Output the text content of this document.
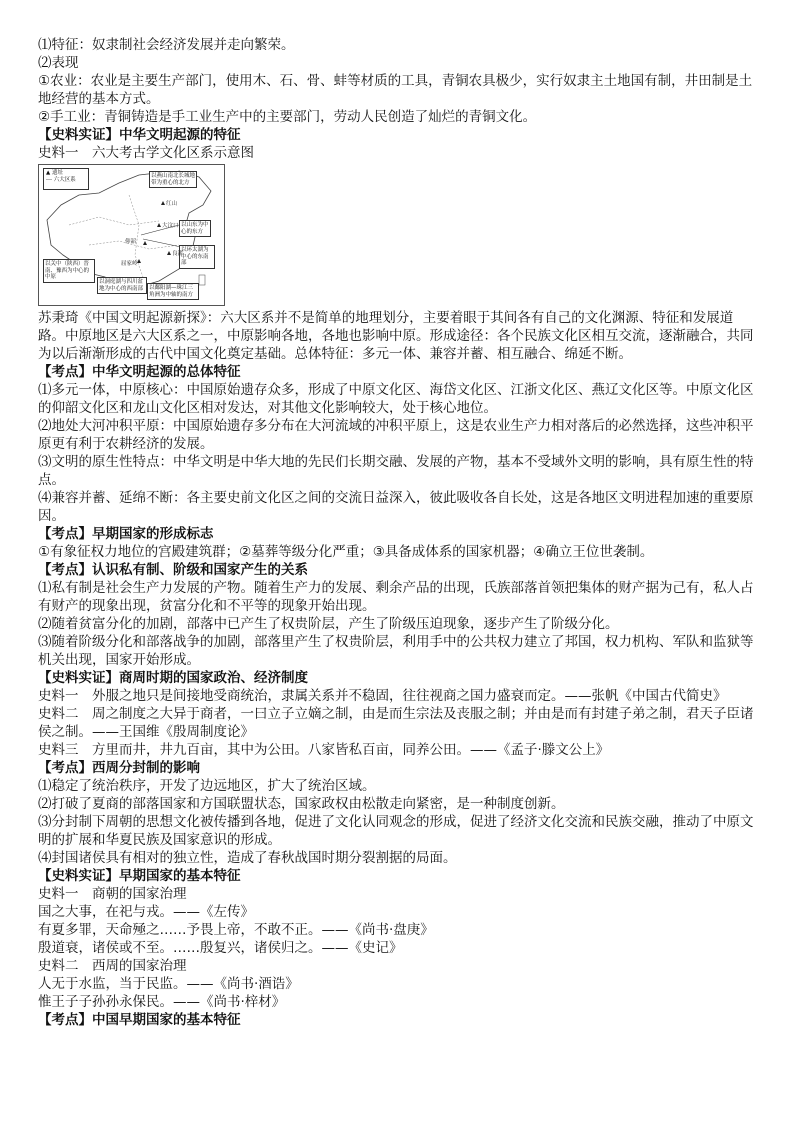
⑴特征：奴隶制社会经济发展并走向繁荣。

⑵表现

①农业：农业是主要生产部门，使用木、石、骨、蚌等材质的工具，青铜农具极少，实行奴隶主土地国有制，井田制是土地经营的基本方式。

②手工业：青铜铸造是手工业生产中的主要部门，劳动人民创造了灿烂的青铜文化。

【史料实证】中华文明起源的特征

史料一　六大考古学文化区系示意图

以燕山南北长城地带为重心的北方
以山东为中心的东方
以环太湖为中心的东南部
以关中（陕西）晋南、豫西为中心的中原
以洞庭湖与四川盆地为中心的西南部	以鄱阳湖—珠江三角洲为中轴的南方
红山
大汶口
良渚
仰韶
屈家岭
▲ 遗址
--- 六大区系

苏秉琦《中国文明起源新探》：六大区系并不是简单的地理划分，主要着眼于其间各有自己的文化渊源、特征和发展道路。中原地区是六大区系之一，中原影响各地，各地也影响中原。形成途径：各个民族文化区相互交流，逐渐融合，共同为以后渐渐形成的古代中国文化奠定基础。总体特征：多元一体、兼容并蓄、相互融合、绵延不断。

【考点】中华文明起源的总体特征

⑴多元一体，中原核心：中国原始遗存众多，形成了中原文化区、海岱文化区、江浙文化区、燕辽文化区等。中原文化区的仰韶文化区和龙山文化区相对发达，对其他文化影响较大，处于核心地位。

⑵地处大河冲积平原：中国原始遗存多分布在大河流域的冲积平原上，这是农业生产力相对落后的必然选择，这些冲积平原更有利于农耕经济的发展。

⑶文明的原生性特点：中华文明是中华大地的先民们长期交融、发展的产物，基本不受域外文明的影响，具有原生性的特点。

⑷兼容并蓄、延绵不断：各主要史前文化区之间的交流日益深入，彼此吸收各自长处，这是各地区文明进程加速的重要原因。

【考点】早期国家的形成标志

①有象征权力地位的宫殿建筑群；②墓葬等级分化严重；③具备成体系的国家机器；④确立王位世袭制。

【考点】认识私有制、阶级和国家产生的关系

⑴私有制是社会生产力发展的产物。随着生产力的发展、剩余产品的出现，氏族部落首领把集体的财产据为己有，私人占有财产的现象出现，贫富分化和不平等的现象开始出现。

⑵随着贫富分化的加剧，部落中已产生了权贵阶层，产生了阶级压迫现象，逐步产生了阶级分化。

⑶随着阶级分化和部落战争的加剧，部落里产生了权贵阶层，利用手中的公共权力建立了邦国，权力机构、军队和监狱等机关出现，国家开始形成。

【史料实证】商周时期的国家政治、经济制度

史料一　外服之地只是间接地受商统治，隶属关系并不稳固，往往视商之国力盛衰而定。——张帆《中国古代简史》

史料二　周之制度之大异于商者，一曰立子立嫡之制，由是而生宗法及丧服之制；并由是而有封建子弟之制，君天子臣诸侯之制。——王国维《殷周制度论》

史料三　方里而井，井九百亩，其中为公田。八家皆私百亩，同养公田。——《孟子·滕文公上》

【考点】西周分封制的影响

⑴稳定了统治秩序，开发了边远地区，扩大了统治区域。

⑵打破了夏商的部落国家和方国联盟状态，国家政权由松散走向紧密，是一种制度创新。

⑶分封制下周朝的思想文化被传播到各地，促进了文化认同观念的形成，促进了经济文化交流和民族交融，推动了中原文明的扩展和华夏民族及国家意识的形成。

⑷封国诸侯具有相对的独立性，造成了春秋战国时期分裂割据的局面。

【史料实证】早期国家的基本特征

史料一　商朝的国家治理

国之大事，在祀与戎。——《左传》

有夏多罪，天命殛之……予畏上帝，不敢不正。——《尚书·盘庚》

殷道衰，诸侯或不至。……殷复兴，诸侯归之。——《史记》

史料二　西周的国家治理

人无于水监，当于民监。——《尚书·酒诰》

惟王子子孙孙永保民。——《尚书·梓材》

【考点】中国早期国家的基本特征
